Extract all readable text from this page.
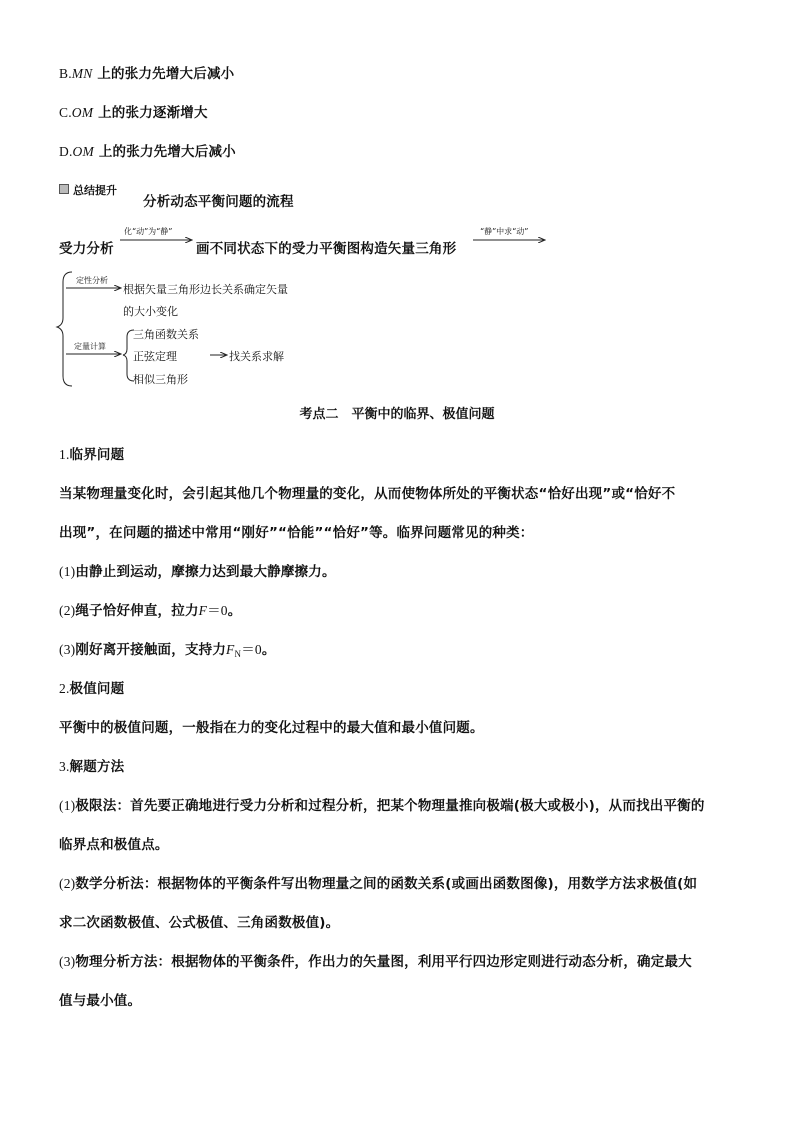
B.MN 上的张力先增大后减小
C.OM 上的张力逐渐增大
D.OM 上的张力先增大后减小
总结提升
分析动态平衡问题的流程
受力分析
化“动”为“静”
画不同状态下的受力平衡图构造矢量三角形
“静”中求“动”
定性分析
根据矢量三角形边长关系确定矢量
的大小变化
定量计算
三角函数关系
正弦定理
相似三角形
找关系求解
考点二　平衡中的临界、极值问题
1.临界问题
当某物理量变化时，会引起其他几个物理量的变化，从而使物体所处的平衡状态“恰好出现”或“恰好不
出现”，在问题的描述中常用“刚好”“恰能”“恰好”等。临界问题常见的种类：
(1)由静止到运动，摩擦力达到最大静摩擦力。
(2)绳子恰好伸直，拉力F＝0。
(3)刚好离开接触面，支持力$F_N=0$。
2.极值问题
平衡中的极值问题，一般指在力的变化过程中的最大值和最小值问题。
3.解题方法
(1)极限法：首先要正确地进行受力分析和过程分析，把某个物理量推向极端(极大或极小)，从而找出平衡的
临界点和极值点。
(2)数学分析法：根据物体的平衡条件写出物理量之间的函数关系(或画出函数图像)，用数学方法求极值(如
求二次函数极值、公式极值、三角函数极值)。
(3)物理分析方法：根据物体的平衡条件，作出力的矢量图，利用平行四边形定则进行动态分析，确定最大
值与最小值。
